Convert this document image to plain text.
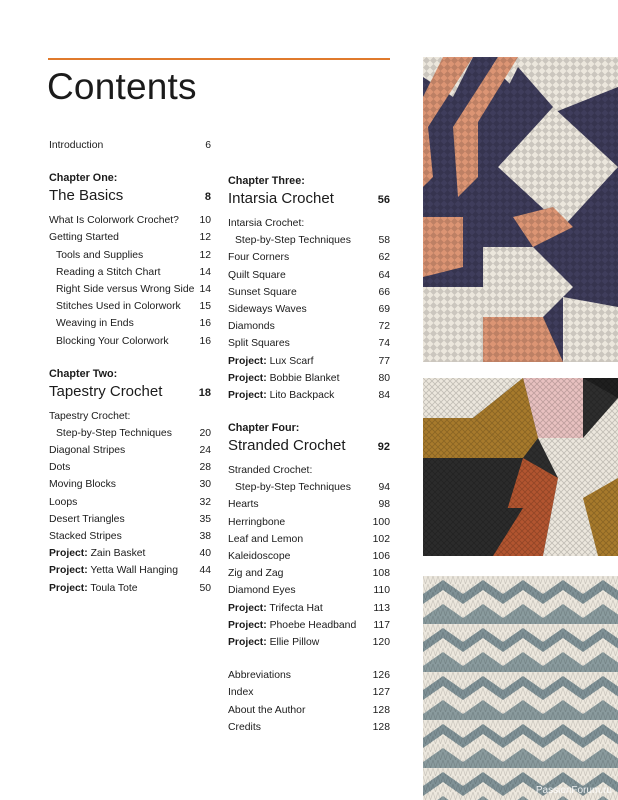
Contents
Introduction	6
Chapter One:
The Basics	8
What Is Colorwork Crochet? 10
Getting Started	12
Tools and Supplies	12
Reading a Stitch Chart	14
Right Side versus Wrong Side 14
Stitches Used in Colorwork 15
Weaving in Ends	16
Blocking Your Colorwork	16
Chapter Two:
Tapestry Crochet	18
Tapestry Crochet:
Step-by-Step Techniques	20
Diagonal Stripes	24
Dots	28
Moving Blocks	30
Loops	32
Desert Triangles	35
Stacked Stripes	38
Project: Zain Basket	40
Project: Yetta Wall Hanging 44
Project: Toula Tote	50
Chapter Three:
Intarsia Crochet	56
Intarsia Crochet:
Step-by-Step Techniques	58
Four Corners	62
Quilt Square	64
Sunset Square	66
Sideways Waves	69
Diamonds	72
Split Squares	74
Project: Lux Scarf	77
Project: Bobbie Blanket	80
Project: Lito Backpack	84
Chapter Four:
Stranded Crochet	92
Stranded Crochet:
Step-by-Step Techniques	94
Hearts	98
Herringbone	100
Leaf and Lemon	102
Kaleidoscope	106
Zig and Zag	108
Diamond Eyes	110
Project: Trifecta Hat	113
Project: Phoebe Headband 117
Project: Ellie Pillow	120
Abbreviations	126
Index	127
About the Author	128
Credits	128
PassionForum.ru
